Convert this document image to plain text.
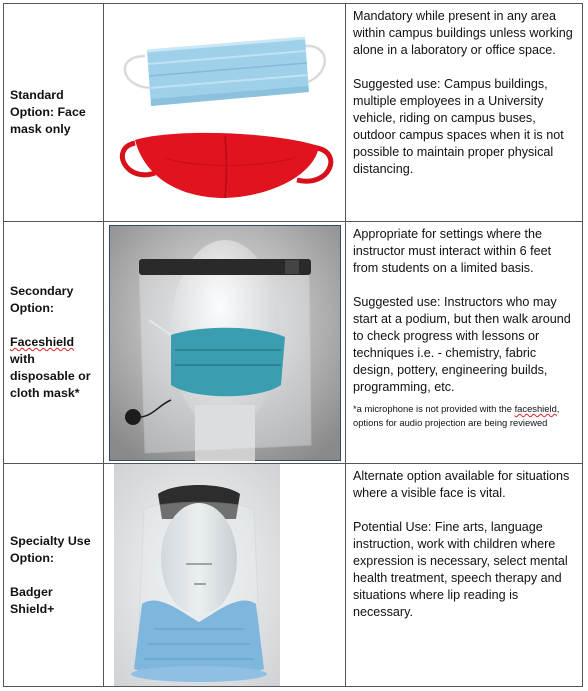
Standard

Option: Face

mask only

Mandatory while present in any area within campus buildings unless working alone in a laboratory or office space.

Suggested use: Campus buildings, multiple employees in a University vehicle, riding on campus buses, outdoor campus spaces when it is not possible to maintain proper physical distancing.

Secondary

Option:

Faceshield

with

disposable or

cloth mask*

Appropriate for settings where the instructor must interact within 6 feet from students on a limited basis.

Suggested use: Instructors who may start at a podium, but then walk around to check progress with lessons or techniques i.e. - chemistry, fabric design, pottery, engineering builds, programming, etc.

*a microphone is not provided with the faceshield, options for audio projection are being reviewed

Specialty Use

Option:

Badger

Shield+

Alternate option available for situations where a visible face is vital.

Potential Use: Fine arts, language instruction, work with children where expression is necessary, select mental health treatment, speech therapy and situations where lip reading is necessary.
